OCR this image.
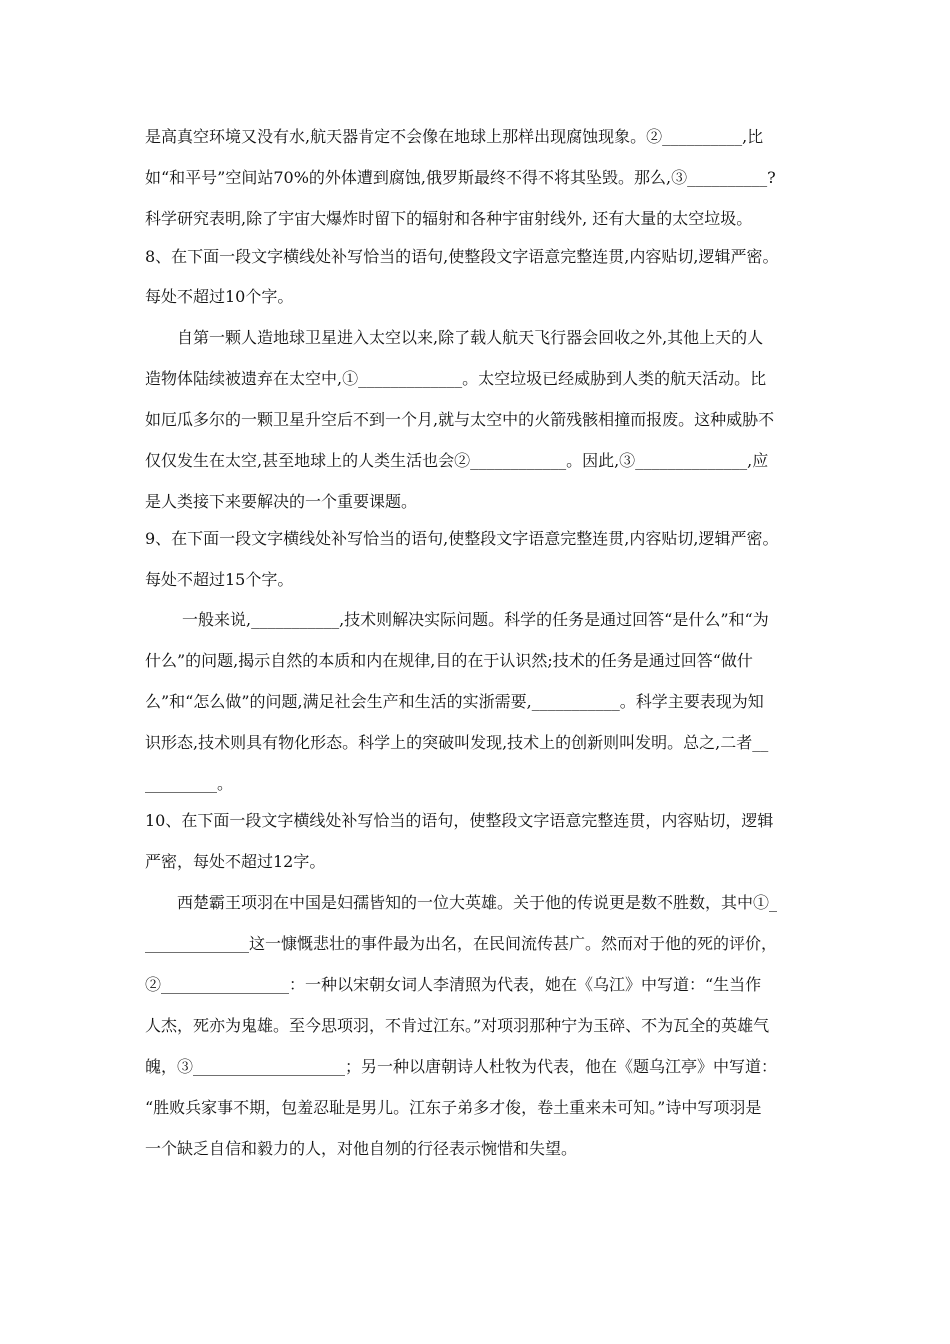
是高真空环境又没有水,航天器肯定不会像在地球上那样出现腐蚀现象。②__________,比
如“和平号”空间站70%的外体遭到腐蚀,俄罗斯最终不得不将其坠毁。那么,③__________?
科学研究表明,除了宇宙大爆炸时留下的辐射和各种宇宙射线外, 还有大量的太空垃圾。
8、在下面一段文字横线处补写恰当的语句,使整段文字语意完整连贯,内容贴切,逻辑严密。
每处不超过10个字。
自第一颗人造地球卫星进入太空以来,除了载人航天飞行器会回收之外,其他上天的人
造物体陆续被遗弃在太空中,①_____________。太空垃圾已经威胁到人类的航天活动。比
如厄瓜多尔的一颗卫星升空后不到一个月,就与太空中的火箭残骸相撞而报废。这种威胁不
仅仅发生在太空,甚至地球上的人类生活也会②____________。因此,③______________,应
是人类接下来要解决的一个重要课题。
9、在下面一段文字横线处补写恰当的语句,使整段文字语意完整连贯,内容贴切,逻辑严密。
每处不超过15个字。
一般来说,___________,技术则解决实际问题。科学的任务是通过回答“是什么”和“为
什么”的问题,揭示自然的本质和内在规律,目的在于认识然;技术的任务是通过回答“做什
么”和“怎么做”的问题,满足社会生产和生活的实浙需要,___________。科学主要表现为知
识形态,技术则具有物化形态。科学上的突破叫发现,技术上的创新则叫发明。总之,二者__
_________。
10、在下面一段文字横线处补写恰当的语句，使整段文字语意完整连贯，内容贴切，逻辑
严密，每处不超过12字。
西楚霸王项羽在中国是妇孺皆知的一位大英雄。关于他的传说更是数不胜数，其中①_
_____________这一慷慨悲壮的事件最为出名，在民间流传甚广。然而对于他的死的评价，
②________________：一种以宋朝女词人李清照为代表，她在《乌江》中写道：“生当作
人杰，死亦为鬼雄。至今思项羽，不肯过江东。”对项羽那种宁为玉碎、不为瓦全的英雄气
魄，③___________________；另一种以唐朝诗人杜牧为代表，他在《题乌江亭》中写道：
“胜败兵家事不期，包羞忍耻是男儿。江东子弟多才俊，卷土重来未可知。”诗中写项羽是
一个缺乏自信和毅力的人，对他自刎的行径表示惋惜和失望。
